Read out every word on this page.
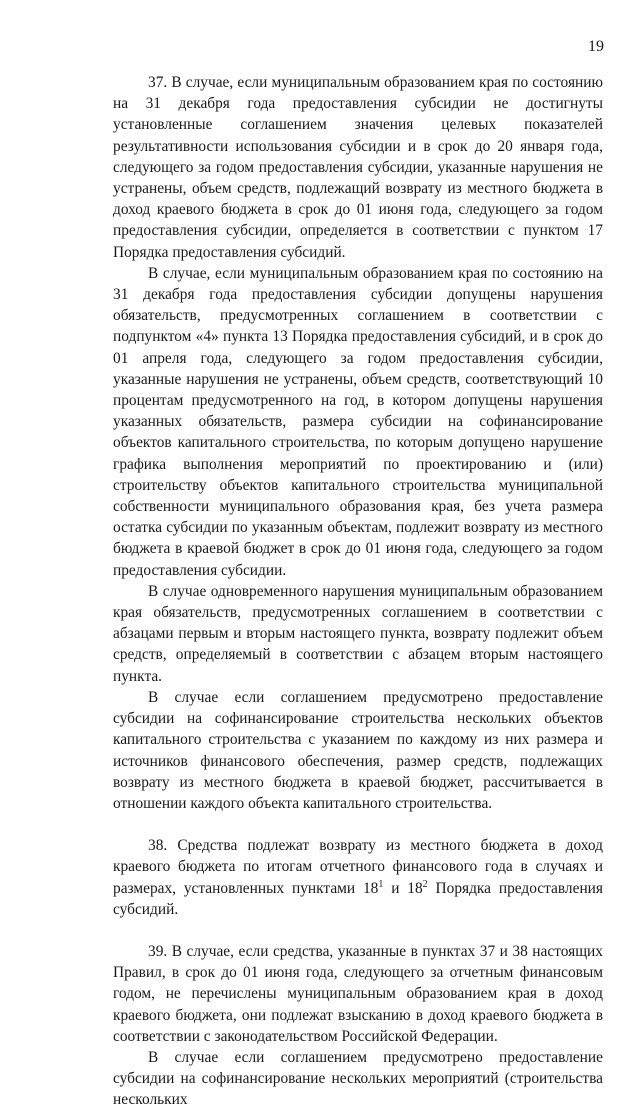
19

37. В случае, если муниципальным образованием края по состоянию на 31 декабря года предоставления субсидии не достигнуты установленные соглашением значения целевых показателей результативности использования субсидии и в срок до 20 января года, следующего за годом предоставления субсидии, указанные нарушения не устранены, объем средств, подлежащий возврату из местного бюджета в доход краевого бюджета в срок до 01 июня года, следующего за годом предоставления субсидии, определяется в соответствии с пунктом 17 Порядка предоставления субсидий.

В случае, если муниципальным образованием края по состоянию на 31 декабря года предоставления субсидии допущены нарушения обязательств, предусмотренных соглашением в соответствии с подпунктом «4» пункта 13 Порядка предоставления субсидий, и в срок до 01 апреля года, следующего за годом предоставления субсидии, указанные нарушения не устранены, объем средств, соответствующий 10 процентам предусмотренного на год, в котором допущены нарушения указанных обязательств, размера субсидии на софинансирование объектов капитального строительства, по которым допущено нарушение графика выполнения мероприятий по проектированию и (или) строительству объектов капитального строительства муниципальной собственности муниципального образования края, без учета размера остатка субсидии по указанным объектам, подлежит возврату из местного бюджета в краевой бюджет в срок до 01 июня года, следующего за годом предоставления субсидии.

В случае одновременного нарушения муниципальным образованием края обязательств, предусмотренных соглашением в соответствии с абзацами первым и вторым настоящего пункта, возврату подлежит объем средств, определяемый в соответствии с абзацем вторым настоящего пункта.

В случае если соглашением предусмотрено предоставление субсидии на софинансирование строительства нескольких объектов капитального строительства с указанием по каждому из них размера и источников финансового обеспечения, размер средств, подлежащих возврату из местного бюджета в краевой бюджет, рассчитывается в отношении каждого объекта капитального строительства.

38. Средства подлежат возврату из местного бюджета в доход краевого бюджета по итогам отчетного финансового года в случаях и размерах, установленных пунктами $18^1$ и $18^2$ Порядка предоставления субсидий.

39. В случае, если средства, указанные в пунктах 37 и 38 настоящих Правил, в срок до 01 июня года, следующего за отчетным финансовым годом, не перечислены муниципальным образованием края в доход краевого бюджета, они подлежат взысканию в доход краевого бюджета в соответствии с законодательством Российской Федерации.

В случае если соглашением предусмотрено предоставление субсидии на софинансирование нескольких мероприятий (строительства нескольких
